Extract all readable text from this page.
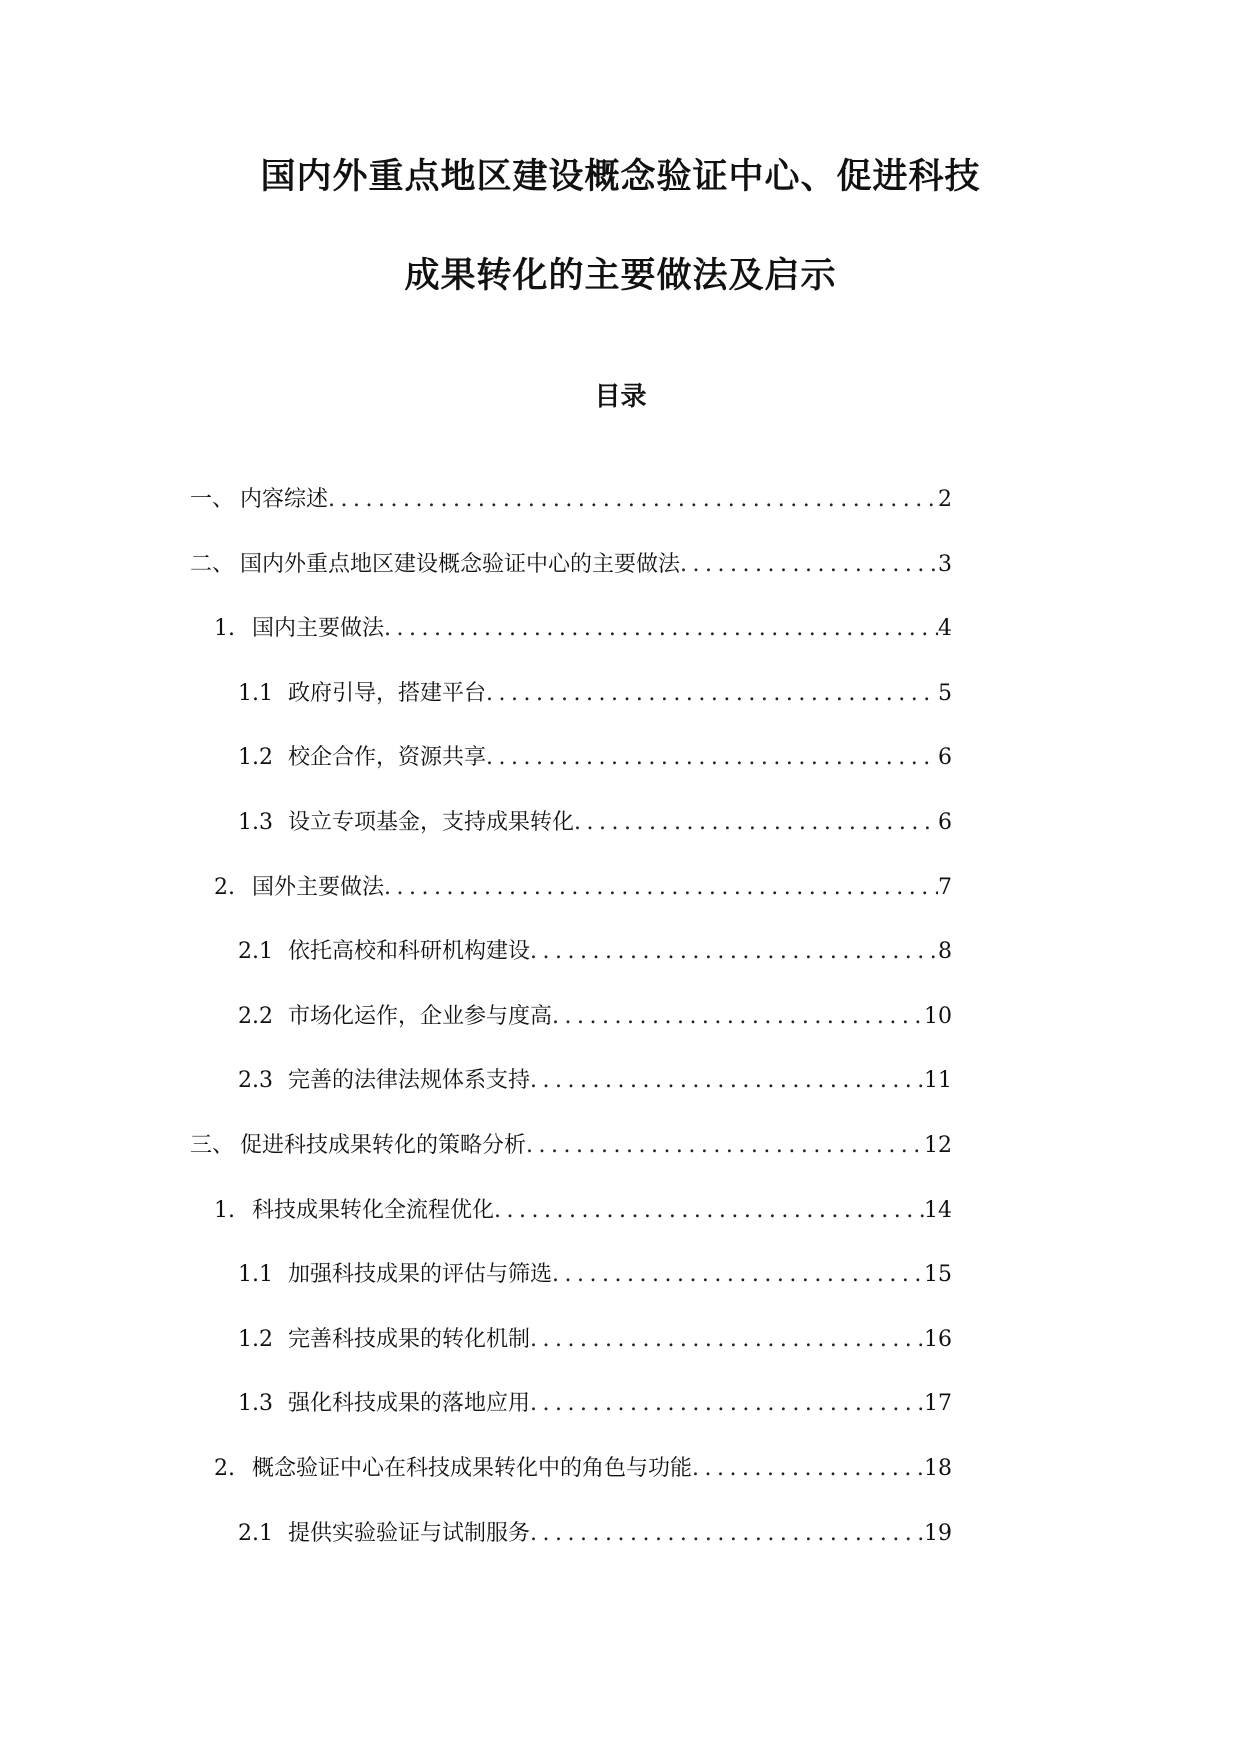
国内外重点地区建设概念验证中心、促进科技
成果转化的主要做法及启示
目录
一、 内容综述 .....	2
二、 国内外重点地区建设概念验证中心的主要做法 .....	3
1. 国内主要做法 .....	4
1.1 政府引导，搭建平台 .....	5
1.2 校企合作，资源共享 .....	6
1.3 设立专项基金，支持成果转化 .....	6
2. 国外主要做法 .....	7
2.1 依托高校和科研机构建设 .....	8
2.2 市场化运作，企业参与度高 .....	10
2.3 完善的法律法规体系支持 .....	11
三、 促进科技成果转化的策略分析 .....	12
1. 科技成果转化全流程优化 .....	14
1.1 加强科技成果的评估与筛选 .....	15
1.2 完善科技成果的转化机制 .....	16
1.3 强化科技成果的落地应用 .....	17
2. 概念验证中心在科技成果转化中的角色与功能 .....	18
2.1 提供实验验证与试制服务 .....	19
